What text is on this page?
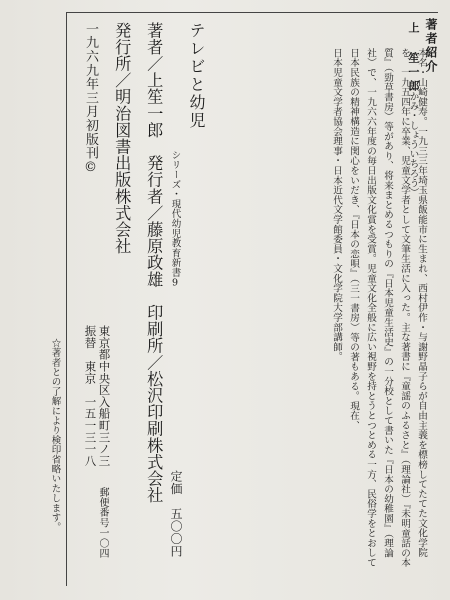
著者紹介
上 笙一郎
（かみ・しょういちろう）

本名・山崎健寿。一九三三年埼玉県飯能市に生まれ、西村伊作・与謝野晶子らが自由主義を標榜してたてた文化学院を、一九五四年に卒業、児童文学者として文筆生活に入った。主な著書に『童謡のふるさと』（理論社）『未明童話の本質』（勁草書房）等があり、将来まとめるつもりの『日本児童生活史』の一分校として書いた『日本の幼稚園』（理論社）で、一九六六年度の毎日出版文化賞を受賞。児童文化全般に広い視野を持とうとつとめる一方、民俗学をとおして日本民族の精神構造に関心をいだき、『日本の恋唄』（三一書房）等の著もある。現在、

日本児童文学者協会理事・日本近代文学館委員・文化学院大学部講師。

テレビと幼児
シリーズ・現代幼児教育新書9
著者／上笙一郎　発行者／藤原政雄　印刷所／松沢印刷株式会社
発行所／明治図書出版株式会社
東京都中央区入船町三ノ三
振替　東京　一五一三一八
定価　五〇〇円
郵便番号一〇四
一九六九年三月初版刊©
☆著者との了解により検印省略いたします。
